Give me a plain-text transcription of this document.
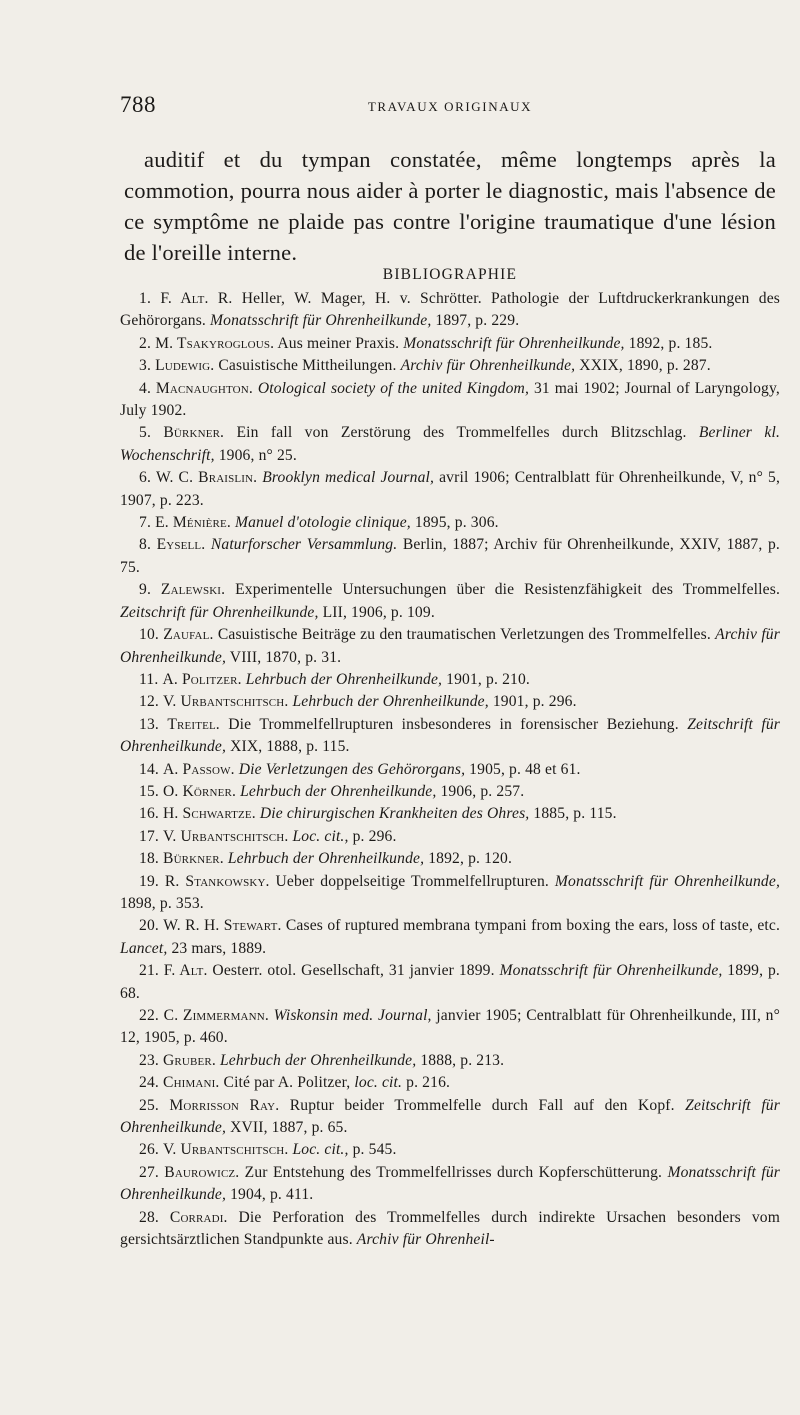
788	TRAVAUX ORIGINAUX

auditif et du tympan constatée, même longtemps après la commotion, pourra nous aider à porter le diagnostic, mais l'absence de ce symptôme ne plaide pas contre l'origine traumatique d'une lésion de l'oreille interne.

BIBLIOGRAPHIE

1. F. Alt. R. Heller, W. Mager, H. v. Schrötter. Pathologie der Luftdruckerkrankungen des Gehörorgans. Monatsschrift für Ohrenheilkunde, 1897, p. 229.

2. M. Tsakyroglous. Aus meiner Praxis. Monatsschrift für Ohrenheilkunde, 1892, p. 185.

3. Ludewig. Casuistische Mittheilungen. Archiv für Ohrenheilkunde, XXIX, 1890, p. 287.

4. Macnaughton. Otological society of the united Kingdom, 31 mai 1902; Journal of Laryngology, July 1902.

5. Bürkner. Ein fall von Zerstörung des Trommelfelles durch Blitzschlag. Berliner kl. Wochenschrift, 1906, n° 25.

6. W. C. Braislin. Brooklyn medical Journal, avril 1906; Centralblatt für Ohrenheilkunde, V, n° 5, 1907, p. 223.

7. E. Ménière. Manuel d'otologie clinique, 1895, p. 306.

8. Eysell. Naturforscher Versammlung. Berlin, 1887; Archiv für Ohrenheilkunde, XXIV, 1887, p. 75.

9. Zalewski. Experimentelle Untersuchungen über die Resistenzfähigkeit des Trommelfelles. Zeitschrift für Ohrenheilkunde, LII, 1906, p. 109.

10. Zaufal. Casuistische Beiträge zu den traumatischen Verletzungen des Trommelfelles. Archiv für Ohrenheilkunde, VIII, 1870, p. 31.

11. A. Politzer. Lehrbuch der Ohrenheilkunde, 1901, p. 210.

12. V. Urbantschitsch. Lehrbuch der Ohrenheilkunde, 1901, p. 296.

13. Treitel. Die Trommelfellrupturen insbesonderes in forensischer Beziehung. Zeitschrift für Ohrenheilkunde, XIX, 1888, p. 115.

14. A. Passow. Die Verletzungen des Gehörorgans, 1905, p. 48 et 61.

15. O. Körner. Lehrbuch der Ohrenheilkunde, 1906, p. 257.

16. H. Schwartze. Die chirurgischen Krankheiten des Ohres, 1885, p. 115.

17. V. Urbantschitsch. Loc. cit., p. 296.

18. Bürkner. Lehrbuch der Ohrenheilkunde, 1892, p. 120.

19. R. Stankowsky. Ueber doppelseitige Trommelfellrupturen. Monatsschrift für Ohrenheilkunde, 1898, p. 353.

20. W. R. H. Stewart. Cases of ruptured membrana tympani from boxing the ears, loss of taste, etc. Lancet, 23 mars, 1889.

21. F. Alt. Oesterr. otol. Gesellschaft, 31 janvier 1899. Monatsschrift für Ohrenheilkunde, 1899, p. 68.

22. C. Zimmermann. Wiskonsin med. Journal, janvier 1905; Centralblatt für Ohrenheilkunde, III, n° 12, 1905, p. 460.

23. Gruber. Lehrbuch der Ohrenheilkunde, 1888, p. 213.

24. Chimani. Cité par A. Politzer, loc. cit. p. 216.

25. Morrisson Ray. Ruptur beider Trommelfelle durch Fall auf den Kopf. Zeitschrift für Ohrenheilkunde, XVII, 1887, p. 65.

26. V. Urbantschitsch. Loc. cit., p. 545.

27. Baurowicz. Zur Entstehung des Trommelfellrisses durch Kopferschütterung. Monatsschrift für Ohrenheilkunde, 1904, p. 411.

28. Corradi. Die Perforation des Trommelfelles durch indirekte Ursachen besonders vom gersichtsärztlichen Standpunkte aus. Archiv für Ohrenheil-
